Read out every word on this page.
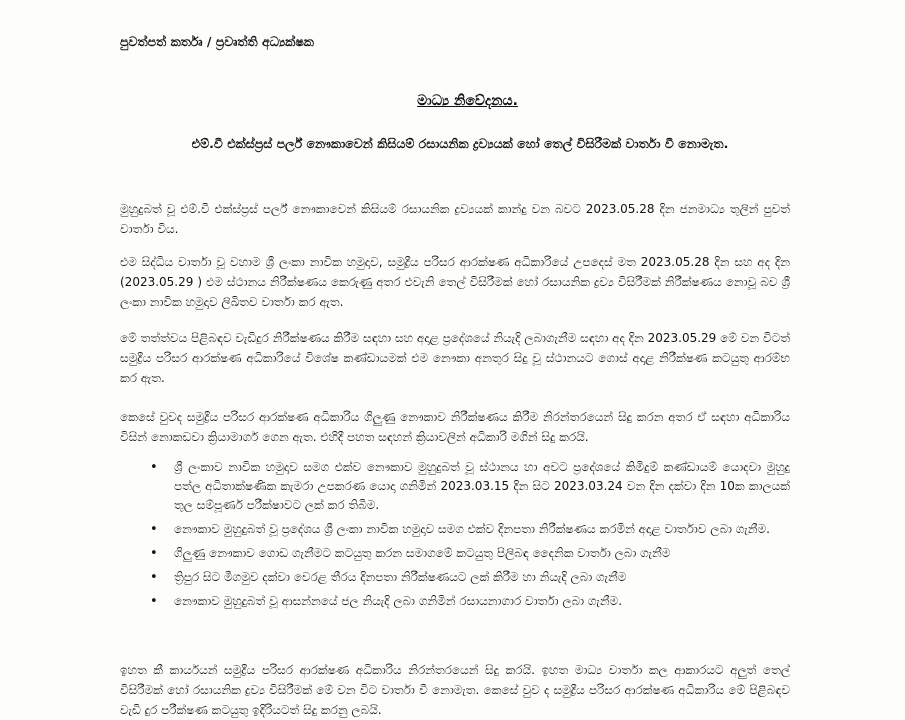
පුවත්පත් කර්තෘ / ප්‍රවෘත්ති අධ්‍යක්ෂක
මාධ්‍ය නිවේදනය.
එම්.වී එක්ස්ප්‍රස් පර්ල් නෞකාවෙන් කිසියම් රසායනික ද්‍රව්‍යයක් හෝ තෙල් විසිරීමක් වාර්තා වී නොමැත.

මුහුදුබත් වූ එම්.වී එක්ස්ප්‍රස් පර්ල් නෞකාවෙන් කිසියම් රසායනික ද්‍රව්‍යයක් කාන්දු වන බවට 2023.05.28 දින ජනමාධ්‍ය තුලින් පුවත් වාර්තා විය.

එම සිද්ධිය වාර්තා වූ වහාම ශ්‍රී ලංකා නාවික හමුදාව, සමුද්‍රීය පරිසර ආරක්ෂණ අධිකාරියේ උපදෙස් මත 2023.05.28 දින සහ අද දින (2023.05.29 ) එම ස්ථානය නිරීක්ෂණය කෙරුණු අතර එවැනි තෙල් විසිරීමක් හෝ රසායනික ද්‍රව්‍ය විසිරීමක් නිරීක්ෂණය නොවූ බව ශ්‍රී ලංකා නාවික හමුදාව ලිඛිතව වාර්තා කර ඇත.

මේ තත්ත්වය පිළිබඳව වැඩිදුර නිරීක්ෂණය කිරීම සඳහා සහ අදාළ ප්‍රදේශයේ නියැදි ලබාගැනීම සඳහා අද දින 2023.05.29 මේ වන විටත් සමුද්‍රීය පරිසර ආරක්ෂණ අධිකාරියේ විශේෂ කණ්ඩායමක් එම නෞකා අනතුර සිදු වූ ස්ථානයට ගොස් අදාළ නිරීක්ෂණ කටයුතු ආරම්භ කර ඇත.

කෙසේ වුවද සමුද්‍රීය පරිසර ආරක්ෂණ අධිකාරිය ගිලුණු නෞකාව නිරීක්ෂණය කිරීම නිරන්තරයෙන් සිදු කරන අතර ඒ සඳහා අධිකාරිය විසින් නොකඩවා ක්‍රියාමාර්ග ගෙන ඇත. එහිදී පහත සඳහන් ක්‍රියාවලින් අධිකාරි මගින් සිදු කරයි.

• ශ්‍රී ලංකාව නාවික හමුදාව සමග එක්ව නෞකාව මුහුදුබත් වූ ස්ථානය හා අවට ප්‍රදේශයේ කිමිදුම් කණ්ඩායම් යොදවා මුහුදු පත්ල අධිතාක්ෂණික කැමරා උපකරණ යොදා ගනිමින් 2023.03.15 දින සිට 2023.03.24 වන දින දක්වා දින 10ක කාලයක් තුල සම්පූර්ණ පරීක්ෂාවට ලක් කර තිබීම.
• නෞකාව මුහුදුබත් වූ ප්‍රදේශය ශ්‍රී ලංකා නාවික හමුදාව සමග එක්ව දිනපතා නිරීක්ෂණය කරමින් අදාළ වාර්තාව ලබා ගැනීම.
• ගිලුණු නෞකාව ගොඩ ගැනීමට කටයුතු කරන සමාගමේ කටයුතු පිලිබඳ දෛනික වාර්තා ලබා ගැනීම
• ත්‍රිපුර සිට මීගමුව දක්වා වෙරළ තීරය දිනපතා නිරීක්ෂණයට ලක් කිරීම හා නියැදි ලබා ගැනීම
• නෞකාව මුහුදුබත් වූ ආසන්නයේ ජල නියැදි ලබා ගනිමින් රසායනාගාර වාර්තා ලබා ගැනීම.

ඉහත කී කාර්යයන් සමුද්‍රීය පරිසර ආරක්ෂණ අධිකාරිය නිරන්තරයෙන් සිදු කරයි. ඉහත මාධ්‍ය වාර්තා කල ආකාරයට අලුත් තෙල් විසිරීමක් හෝ රසායනික ද්‍රව්‍ය විසිරීමක් මේ වන විට වාර්තා වී නොමැත. කෙසේ වුව ද සමුද්‍රීය පරිසර ආරක්ෂණ අධිකාරිය මේ පිළිබඳව වැඩි දුර පරීක්ෂණ කටයුතු ඉදිරියටත් සිදු කරනු ලබයි.
